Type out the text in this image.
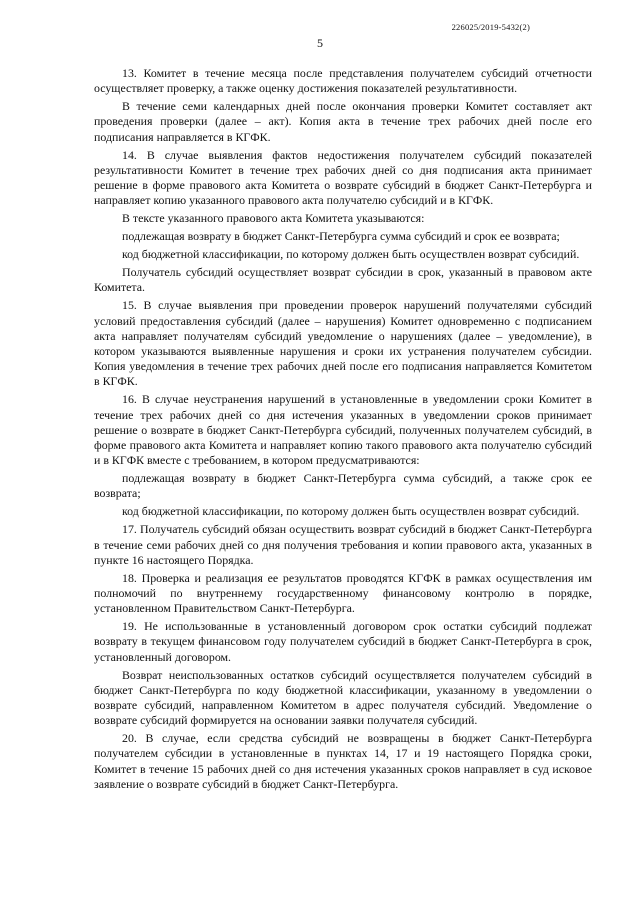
226025/2019-5432(2)
5

13. Комитет в течение месяца после представления получателем субсидий отчетности осуществляет проверку, а также оценку достижения показателей результативности.

В течение семи календарных дней после окончания проверки Комитет составляет акт проведения проверки (далее – акт). Копия акта в течение трех рабочих дней после его подписания направляется в КГФК.

14. В случае выявления фактов недостижения получателем субсидий показателей результативности Комитет в течение трех рабочих дней со дня подписания акта принимает решение в форме правового акта Комитета о возврате субсидий в бюджет Санкт-Петербурга и направляет копию указанного правового акта получателю субсидий и в КГФК.

В тексте указанного правового акта Комитета указываются:

подлежащая возврату в бюджет Санкт-Петербурга сумма субсидий и срок ее возврата;

код бюджетной классификации, по которому должен быть осуществлен возврат субсидий.

Получатель субсидий осуществляет возврат субсидии в срок, указанный в правовом акте Комитета.

15. В случае выявления при проведении проверок нарушений получателями субсидий условий предоставления субсидий (далее – нарушения) Комитет одновременно с подписанием акта направляет получателям субсидий уведомление о нарушениях (далее – уведомление), в котором указываются выявленные нарушения и сроки их устранения получателем субсидии. Копия уведомления в течение трех рабочих дней после его подписания направляется Комитетом в КГФК.

16. В случае неустранения нарушений в установленные в уведомлении сроки Комитет в течение трех рабочих дней со дня истечения указанных в уведомлении сроков принимает решение о возврате в бюджет Санкт-Петербурга субсидий, полученных получателем субсидий, в форме правового акта Комитета и направляет копию такого правового акта получателю субсидий и в КГФК вместе с требованием, в котором предусматриваются:

подлежащая возврату в бюджет Санкт-Петербурга сумма субсидий, а также срок ее возврата;

код бюджетной классификации, по которому должен быть осуществлен возврат субсидий.

17. Получатель субсидий обязан осуществить возврат субсидий в бюджет Санкт-Петербурга в течение семи рабочих дней со дня получения требования и копии правового акта, указанных в пункте 16 настоящего Порядка.

18. Проверка и реализация ее результатов проводятся КГФК в рамках осуществления им полномочий по внутреннему государственному финансовому контролю в порядке, установленном Правительством Санкт-Петербурга.

19. Не использованные в установленный договором срок остатки субсидий подлежат возврату в текущем финансовом году получателем субсидий в бюджет Санкт-Петербурга в срок, установленный договором.

Возврат неиспользованных остатков субсидий осуществляется получателем субсидий в бюджет Санкт-Петербурга по коду бюджетной классификации, указанному в уведомлении о возврате субсидий, направленном Комитетом в адрес получателя субсидий. Уведомление о возврате субсидий формируется на основании заявки получателя субсидий.

20. В случае, если средства субсидий не возвращены в бюджет Санкт-Петербурга получателем субсидии в установленные в пунктах 14, 17 и 19 настоящего Порядка сроки, Комитет в течение 15 рабочих дней со дня истечения указанных сроков направляет в суд исковое заявление о возврате субсидий в бюджет Санкт-Петербурга.
